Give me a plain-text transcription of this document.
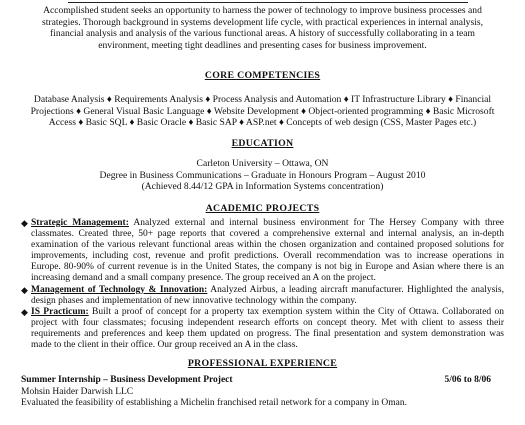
Accomplished student seeks an opportunity to harness the power of technology to improve business processes and
strategies. Thorough background in systems development life cycle, with practical experiences in internal analysis,
financial analysis and analysis of the various functional areas. A history of successfully collaborating in a team
environment, meeting tight deadlines and presenting cases for business improvement.
CORE COMPETENCIES
Database Analysis ♦ Requirements Analysis ♦ Process Analysis and Automation ♦ IT Infrastructure Library ♦ Financial
Projections ♦ General Visual Basic Language ♦ Website Development ♦ Object-oriented programming ♦ Basic Microsoft
Access ♦ Basic SQL ♦ Basic Oracle ♦ Basic SAP ♦ ASP.net ♦ Concepts of web design (CSS, Master Pages etc.)
EDUCATION
Carleton University – Ottawa, ON
Degree in Business Communications – Graduate in Honours Program – August 2010
(Achieved 8.44/12 GPA in Information Systems concentration)
ACADEMIC PROJECTS
◆ Strategic Management: Analyzed external and internal business environment for The Hersey Company with three classmates. Created three, 50+ page reports that covered a comprehensive external and internal analysis, an in-depth examination of the various relevant functional areas within the chosen organization and contained proposed solutions for improvements, including cost, revenue and profit predictions. Overall recommendation was to increase operations in Europe. 80-90% of current revenue is in the United States, the company is not big in Europe and Asian where there is an increasing demand and a small company presence. The group received an A on the project.
◆ Management of Technology & Innovation: Analyzed Airbus, a leading aircraft manufacturer. Highlighted the analysis, design phases and implementation of new innovative technology within the company.
◆ IS Practicum: Built a proof of concept for a property tax exemption system within the City of Ottawa. Collaborated on project with four classmates; focusing independent research efforts on concept theory. Met with client to assess their requirements and preferences and keep them updated on progress. The final presentation and system demonstration was made to the client in their office. Our group received an A in the class.
PROFESSIONAL EXPERIENCE
Summer Internship – Business Development Project	5/06 to 8/06
Mohsin Haider Darwish LLC
Evaluated the feasibility of establishing a Michelin franchised retail network for a company in Oman.
